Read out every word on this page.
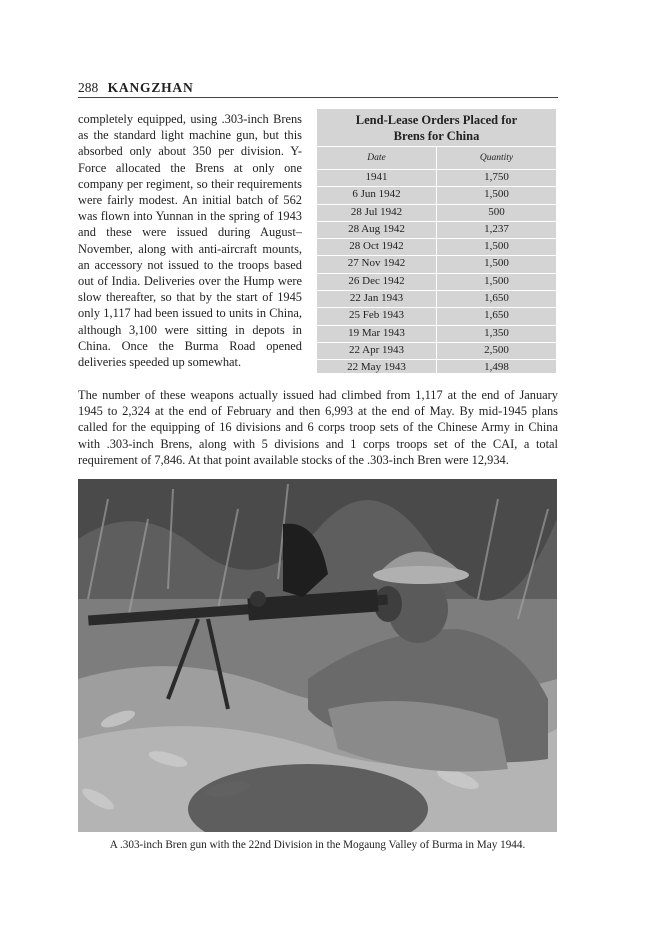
288 KANGZHAN

completely equipped, using .303-inch Brens as the standard light machine gun, but this absorbed only about 350 per division. Y-Force allocated the Brens at only one company per regiment, so their requirements were fairly modest. An initial batch of 562 was flown into Yunnan in the spring of 1943 and these were issued during August–November, along with anti-aircraft mounts, an accessory not issued to the troops based out of India. Deliveries over the Hump were slow thereafter, so that by the start of 1945 only 1,117 had been issued to units in China, although 3,100 were sitting in depots in China. Once the Burma Road opened deliveries speeded up somewhat.

Lend-Lease Orders Placed for
Brens for China
Date	Quantity
1941	1,750
6 Jun 1942	1,500
28 Jul 1942	500
28 Aug 1942	1,237
28 Oct 1942	1,500
27 Nov 1942	1,500
26 Dec 1942	1,500
22 Jan 1943	1,650
25 Feb 1943	1,650
19 Mar 1943	1,350
22 Apr 1943	2,500
22 May 1943	1,498

The number of these weapons actually issued had climbed from 1,117 at the end of January 1945 to 2,324 at the end of February and then 6,993 at the end of May. By mid-1945 plans called for the equipping of 16 divisions and 6 corps troop sets of the Chinese Army in China with .303-inch Brens, along with 5 divisions and 1 corps troops set of the CAI, a total requirement of 7,846. At that point available stocks of the .303-inch Bren were 12,934.

A .303-inch Bren gun with the 22nd Division in the Mogaung Valley of Burma in May 1944.
